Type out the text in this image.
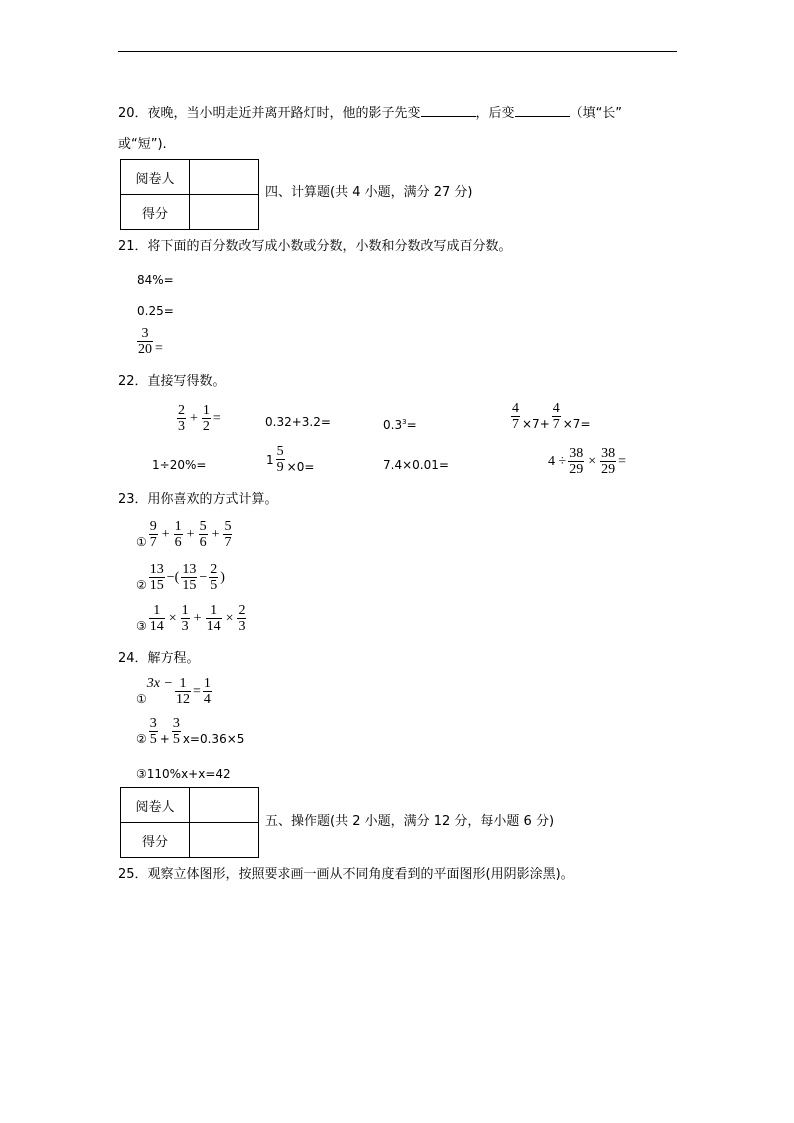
20．夜晚，当小明走近并离开路灯时，他的影子先变	，后变	（填“长”
或“短”).
阅卷人	
得分	
四、计算题(共 4 小题，满分 27 分)
21．将下面的百分数改写成小数或分数，小数和分数改写成百分数。
84%=
0.25=
$\frac{3}{20}$ =
22．直接写得数。
$\frac{2}{3} + \frac{1}{2}$ =	0.32+3.2=	$0.3^3=$	$\frac{4}{7} \times 7+ \frac{4}{7} \times 7=$
1÷20%=	$1 \frac{5}{9} \times 0=$	7.4×0.01=	$4 \div \frac{38}{29} \times \frac{38}{29}$ =
23．用你喜欢的方式计算。
① $\frac{9}{7} + \frac{1}{6} + \frac{5}{6} + \frac{5}{7}$
② $\frac{13}{15}$ − ( $\frac{13}{15} - \frac{2}{5}$ )
③ $\frac{1}{14} \times \frac{1}{3} + \frac{1}{14} \times \frac{2}{3}$
24．解方程。
①
$3x - \frac{1}{12} = \frac{1}{4}$
② $\frac{3}{5} + \frac{3}{5} x=0.36\times 5$
③110%x+x=42
阅卷人	
得分	
五、操作题(共 2 小题，满分 12 分，每小题 6 分)
25．观察立体图形，按照要求画一画从不同角度看到的平面图形(用阴影涂黑)。
